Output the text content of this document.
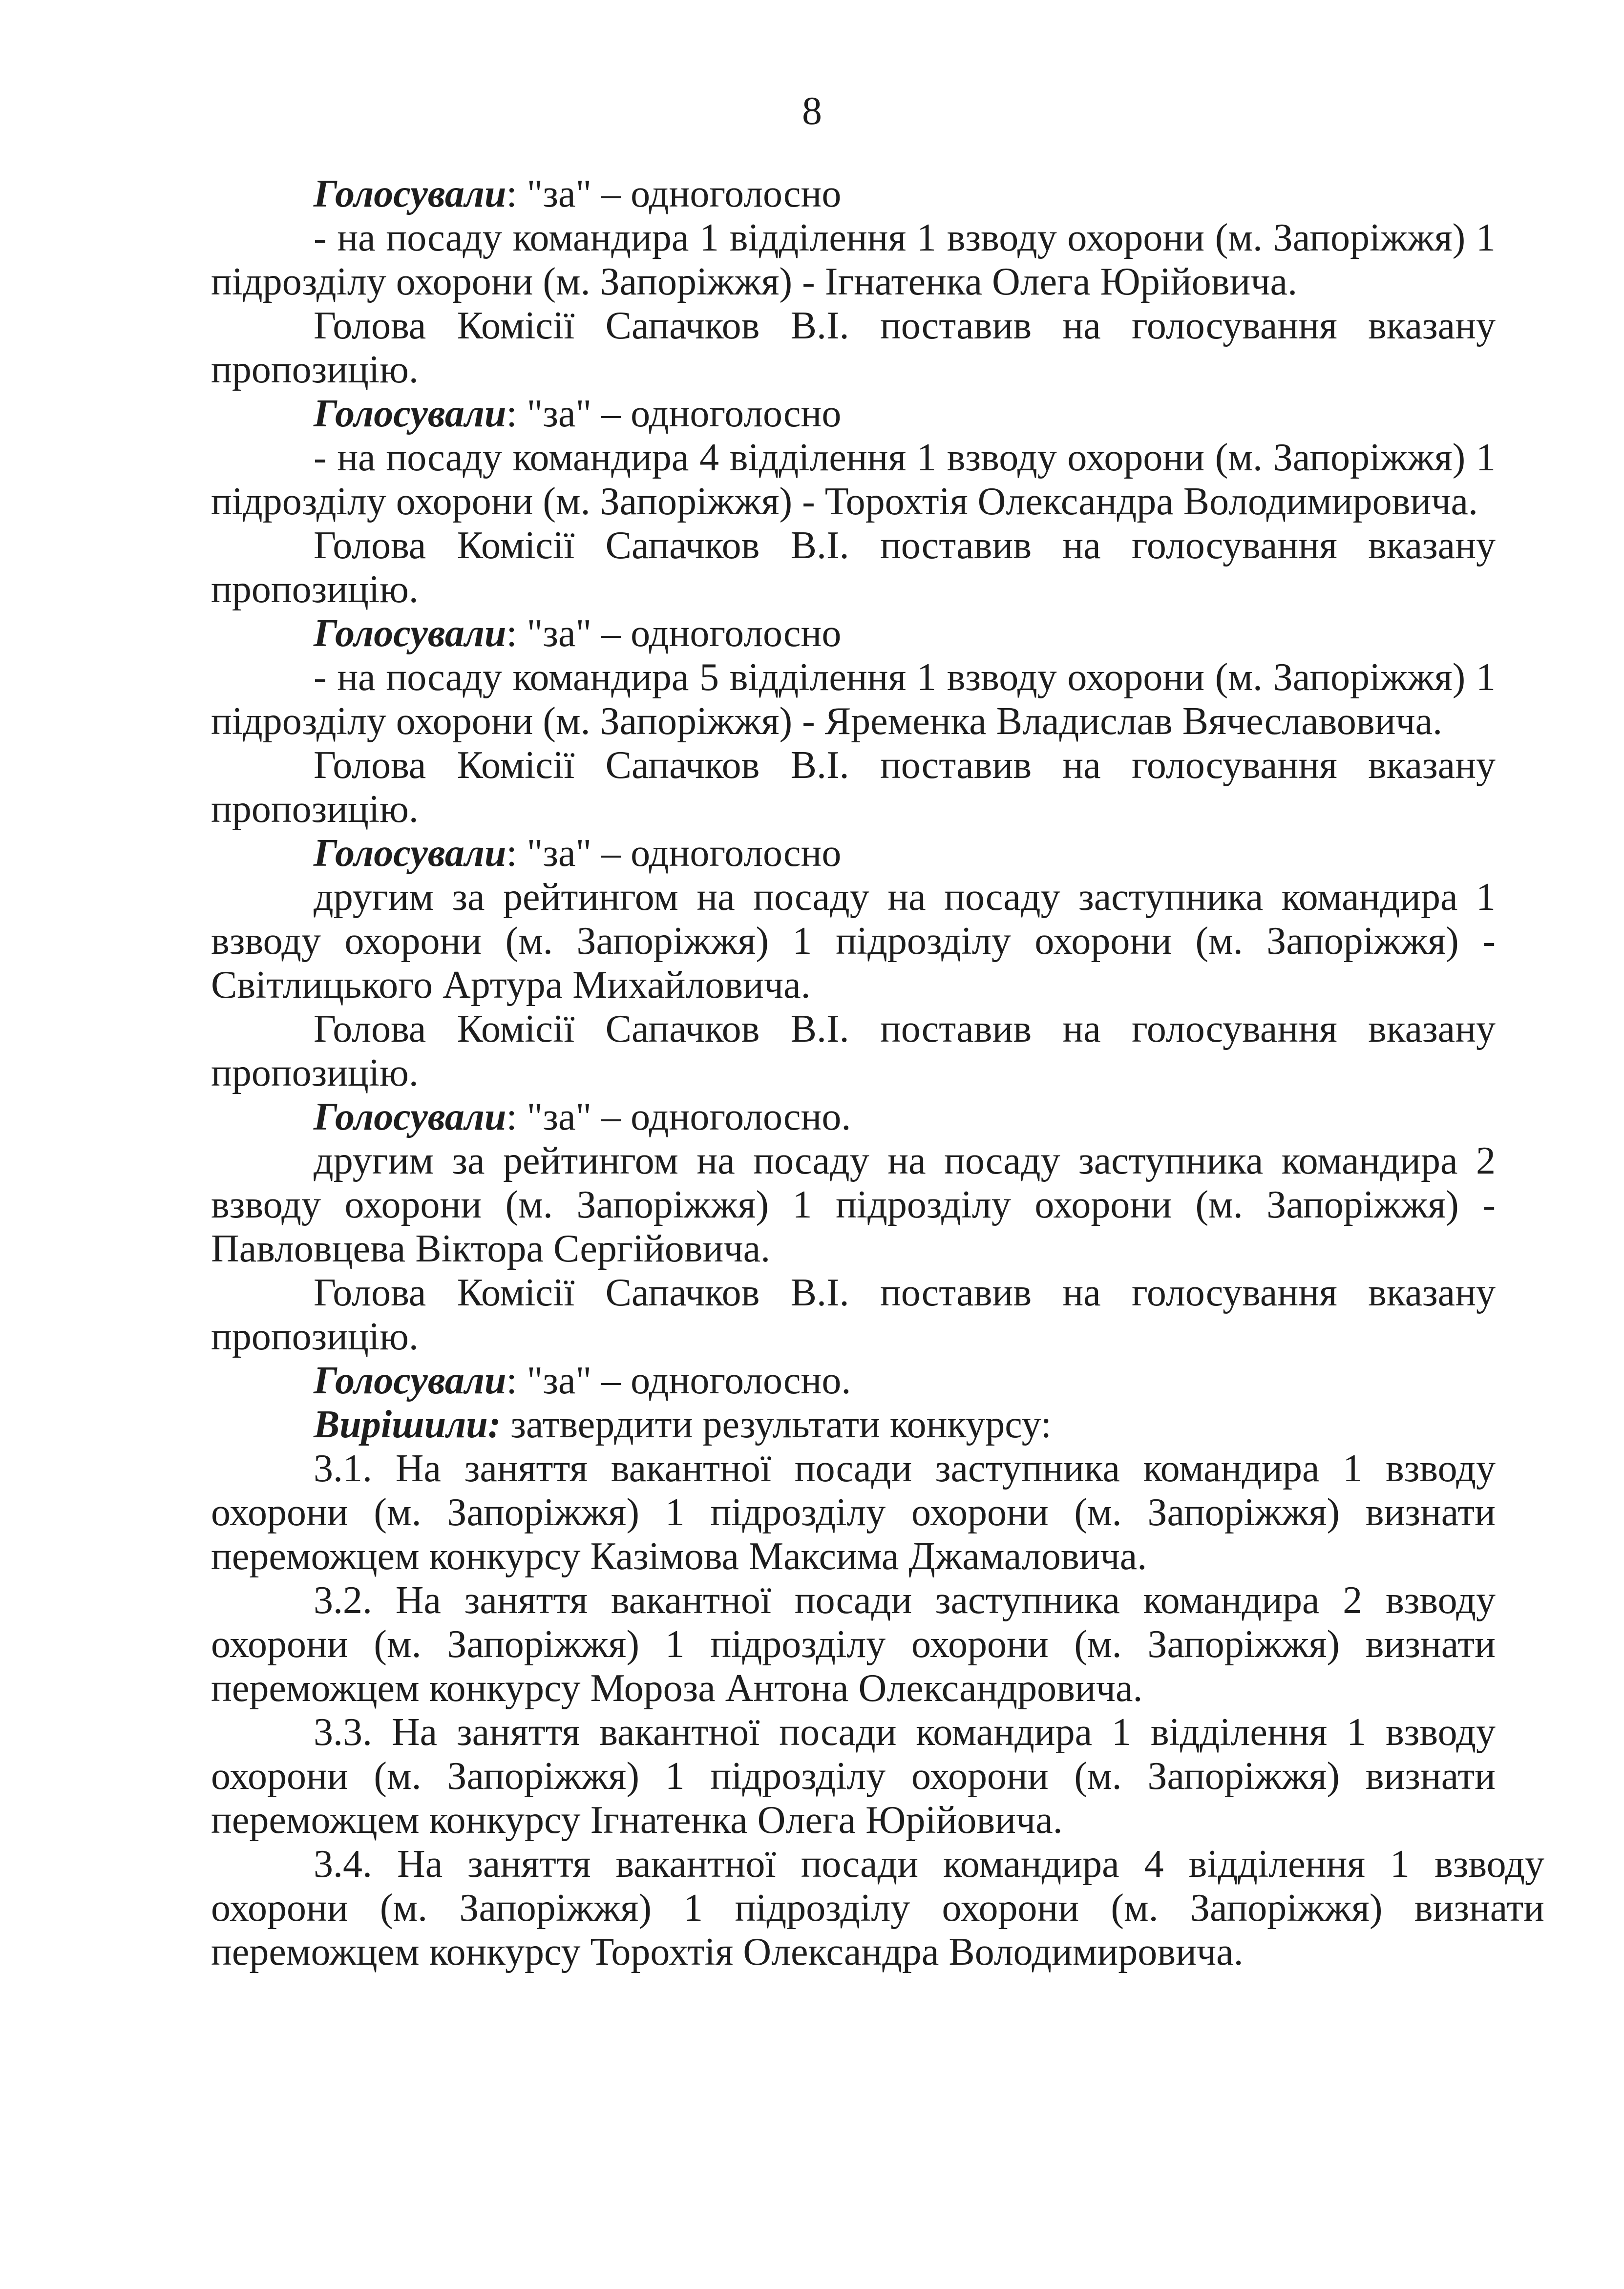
8

Голосували: "за" – одноголосно

- на посаду командира 1 відділення 1 взводу охорони (м. Запоріжжя) 1 підрозділу охорони (м. Запоріжжя) - Ігнатенка Олега Юрійовича.

Голова Комісії Сапачков В.І. поставив на голосування вказану пропозицію.

Голосували: "за" – одноголосно

- на посаду командира 4 відділення 1 взводу охорони (м. Запоріжжя) 1 підрозділу охорони (м. Запоріжжя) - Торохтія Олександра Володимировича.

Голова Комісії Сапачков В.І. поставив на голосування вказану пропозицію.

Голосували: "за" – одноголосно

- на посаду командира 5 відділення 1 взводу охорони (м. Запоріжжя) 1 підрозділу охорони (м. Запоріжжя) - Яременка Владислав Вячеславовича.

Голова Комісії Сапачков В.І. поставив на голосування вказану пропозицію.

Голосували: "за" – одноголосно

другим за рейтингом на посаду на посаду заступника командира 1 взводу охорони (м. Запоріжжя) 1 підрозділу охорони (м. Запоріжжя) - Світлицького Артура Михайловича.

Голова Комісії Сапачков В.І. поставив на голосування вказану пропозицію.

Голосували: "за" – одноголосно.

другим за рейтингом на посаду на посаду заступника командира 2 взводу охорони (м. Запоріжжя) 1 підрозділу охорони (м. Запоріжжя) - Павловцева Віктора Сергійовича.

Голова Комісії Сапачков В.І. поставив на голосування вказану пропозицію.

Голосували: "за" – одноголосно.

Вирішили: затвердити результати конкурсу:

3.1. На заняття вакантної посади заступника командира 1 взводу охорони (м. Запоріжжя) 1 підрозділу охорони (м. Запоріжжя) визнати переможцем конкурсу Казімова Максима Джамаловича.

3.2. На заняття вакантної посади заступника командира 2 взводу охорони (м. Запоріжжя) 1 підрозділу охорони (м. Запоріжжя) визнати переможцем конкурсу Мороза Антона Олександровича.

3.3. На заняття вакантної посади командира 1 відділення 1 взводу охорони (м. Запоріжжя) 1 підрозділу охорони (м. Запоріжжя) визнати переможцем конкурсу Ігнатенка Олега Юрійовича.

3.4. На заняття вакантної посади командира 4 відділення 1 взводу охорони (м. Запоріжжя) 1 підрозділу охорони (м. Запоріжжя) визнати переможцем конкурсу Торохтія Олександра Володимировича.
